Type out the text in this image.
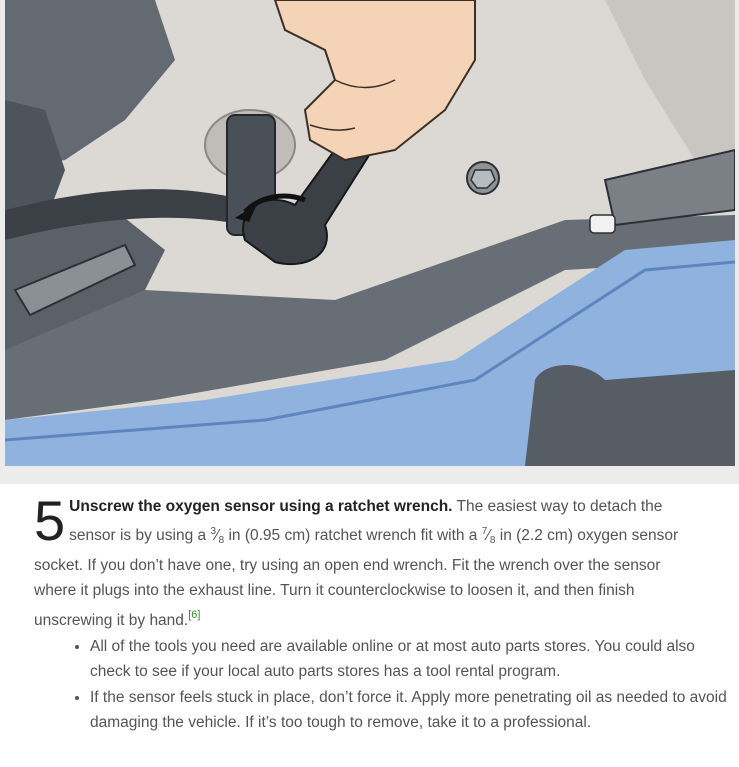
5 Unscrew the oxygen sensor using a ratchet wrench. The easiest way to detach the sensor is by using a $^3⁄_8$ in (0.95 cm) ratchet wrench fit with a $^7⁄_8$ in (2.2 cm) oxygen sensor socket. If you don’t have one, try using an open end wrench. Fit the wrench over the sensor where it plugs into the exhaust line. Turn it counterclockwise to loosen it, and then finish unscrewing it by hand.[6]
• All of the tools you need are available online or at most auto parts stores. You could also check to see if your local auto parts stores has a tool rental program.
• If the sensor feels stuck in place, don’t force it. Apply more penetrating oil as needed to avoid damaging the vehicle. If it’s too tough to remove, take it to a professional.
